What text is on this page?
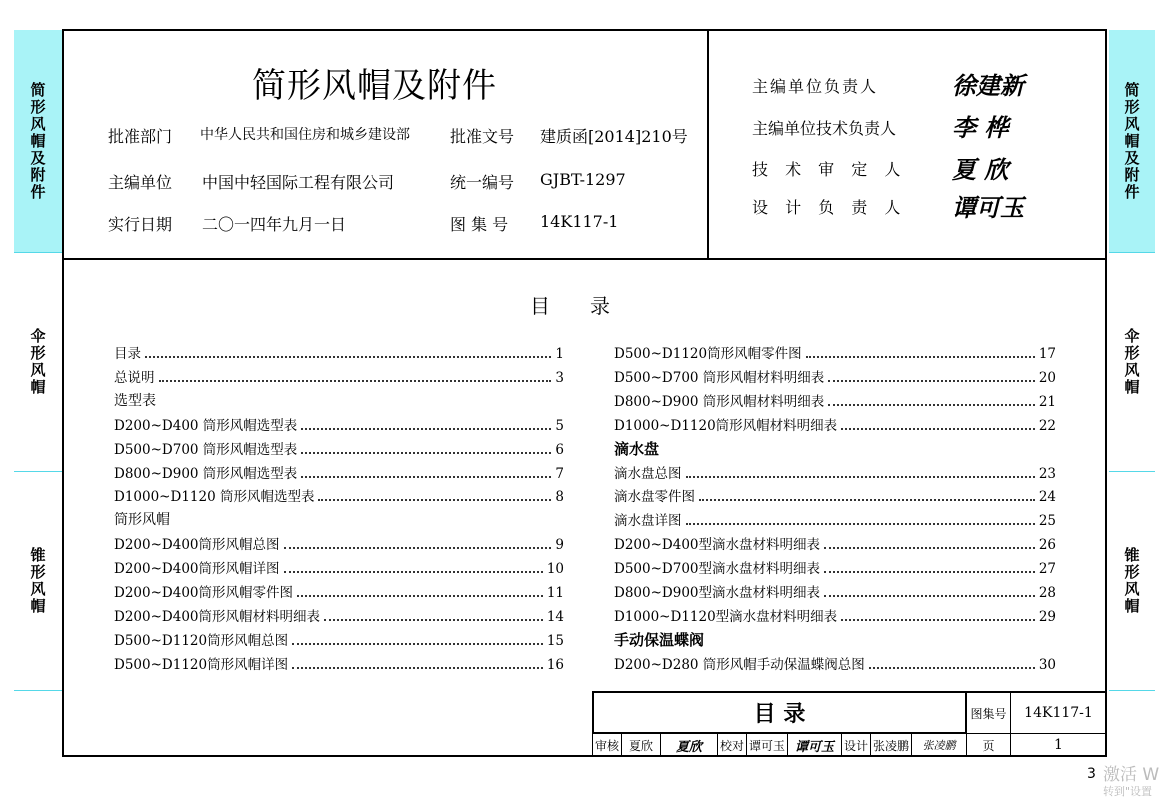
简形风帽及附件
伞形风帽
锥形风帽
简形风帽及附件
伞形风帽
锥形风帽
简形风帽及附件
批准部门 中华人民共和国住房和城乡建设部	批准文号 建质函[2014]210号
主编单位 中国中轻国际工程有限公司	统一编号 GJBT-1297
实行日期 二〇一四年九月一日	图 集 号 14K117-1
主编单位负责人	徐建新
主编单位技术负责人 李 桦
技 术 审 定 人 夏 欣
设 计 负 责 人 谭可玉
目　　录
目录	1
总说明	3
选型表
D200~D400 筒形风帽选型表	5
D500~D700 筒形风帽选型表	6
D800~D900 筒形风帽选型表	7
D1000~D1120 筒形风帽选型表	8
筒形风帽
D200~D400筒形风帽总图	9
D200~D400筒形风帽详图	10
D200~D400筒形风帽零件图	11
D200~D400筒形风帽材料明细表	14
D500~D1120筒形风帽总图	15
D500~D1120筒形风帽详图	16
D500~D1120筒形风帽零件图	17
D500~D700 筒形风帽材料明细表	20
D800~D900 筒形风帽材料明细表	21
D1000~D1120筒形风帽材料明细表	22
滴水盘
滴水盘总图	23
滴水盘零件图	24
滴水盘详图	25
D200~D400型滴水盘材料明细表	26
D500~D700型滴水盘材料明细表	27
D800~D900型滴水盘材料明细表	28
D1000~D1120型滴水盘材料明细表	29
手动保温蝶阀
D200~D280 筒形风帽手动保温蝶阀总图	30
目 录	图集号 14K117-1
审核 夏欣 夏欣 校对 谭可玉 谭可玉 设计 张凌鹏 张凌鹏 页	1
3 激活 W
转到"设置
